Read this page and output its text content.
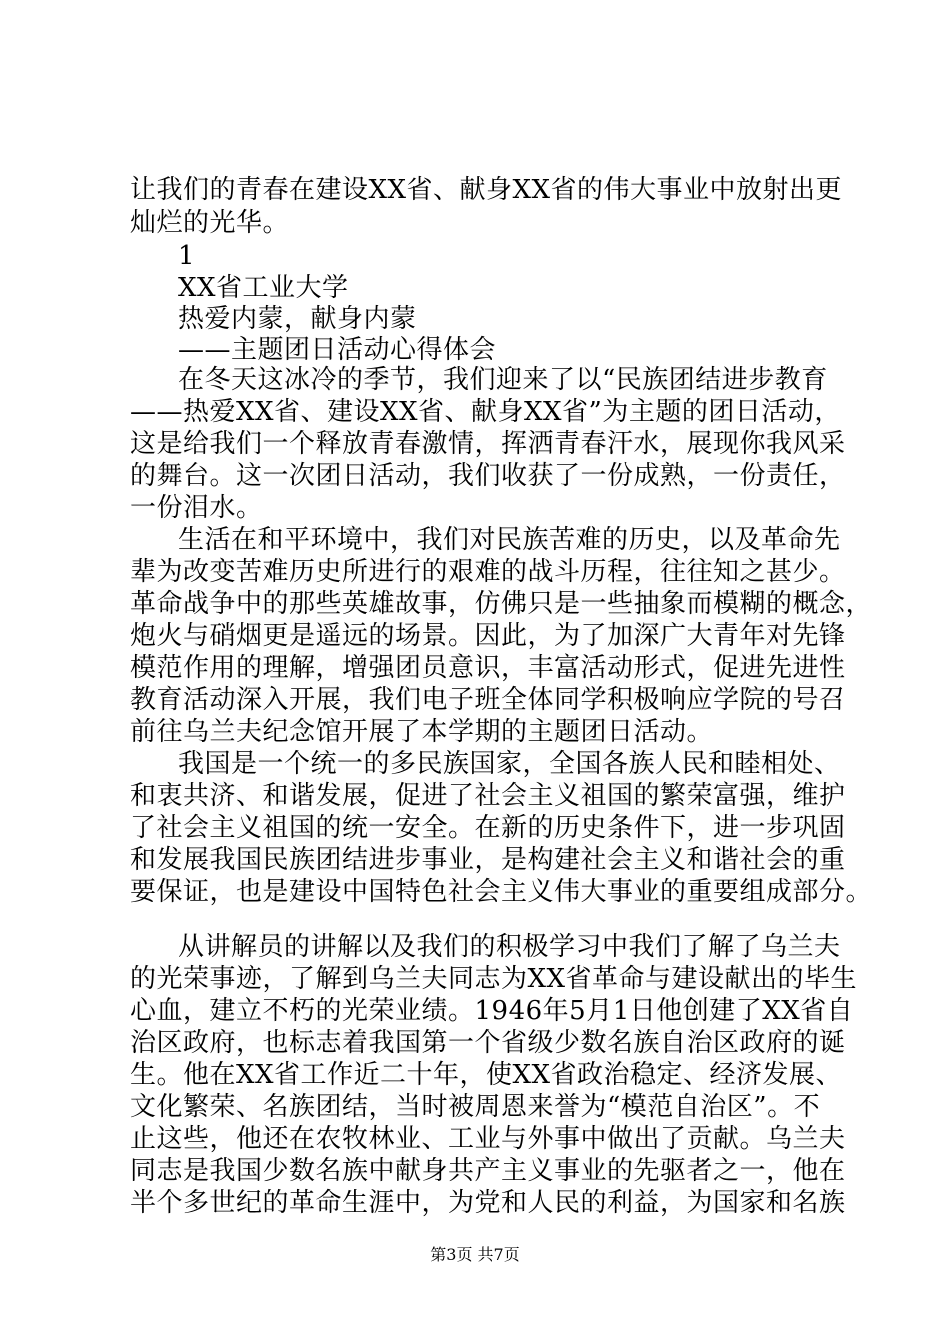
让我们的青春在建设XX省、献身XX省的伟大事业中放射出更
灿烂的光华。
1
XX省工业大学
热爱内蒙，献身内蒙
——主题团日活动心得体会
在冬天这冰冷的季节，我们迎来了以“民族团结进步教育
——热爱XX省、建设XX省、献身XX省”为主题的团日活动，
这是给我们一个释放青春激情，挥洒青春汗水，展现你我风采
的舞台。这一次团日活动，我们收获了一份成熟，一份责任，
一份泪水。
生活在和平环境中，我们对民族苦难的历史，以及革命先
辈为改变苦难历史所进行的艰难的战斗历程，往往知之甚少。
革命战争中的那些英雄故事，仿佛只是一些抽象而模糊的概念，
炮火与硝烟更是遥远的场景。因此，为了加深广大青年对先锋
模范作用的理解，增强团员意识，丰富活动形式，促进先进性
教育活动深入开展，我们电子班全体同学积极响应学院的号召
前往乌兰夫纪念馆开展了本学期的主题团日活动。
我国是一个统一的多民族国家，全国各族人民和睦相处、
和衷共济、和谐发展，促进了社会主义祖国的繁荣富强，维护
了社会主义祖国的统一安全。在新的历史条件下，进一步巩固
和发展我国民族团结进步事业，是构建社会主义和谐社会的重
要保证，也是建设中国特色社会主义伟大事业的重要组成部分。
从讲解员的讲解以及我们的积极学习中我们了解了乌兰夫
的光荣事迹，了解到乌兰夫同志为XX省革命与建设献出的毕生
心血，建立不朽的光荣业绩。1946年5月1日他创建了XX省自
治区政府，也标志着我国第一个省级少数名族自治区政府的诞
生。他在XX省工作近二十年，使XX省政治稳定、经济发展、
文化繁荣、名族团结，当时被周恩来誉为“模范自治区”。不
止这些，他还在农牧林业、工业与外事中做出了贡献。乌兰夫
同志是我国少数名族中献身共产主义事业的先驱者之一，他在
半个多世纪的革命生涯中，为党和人民的利益，为国家和名族
第3页 共7页
